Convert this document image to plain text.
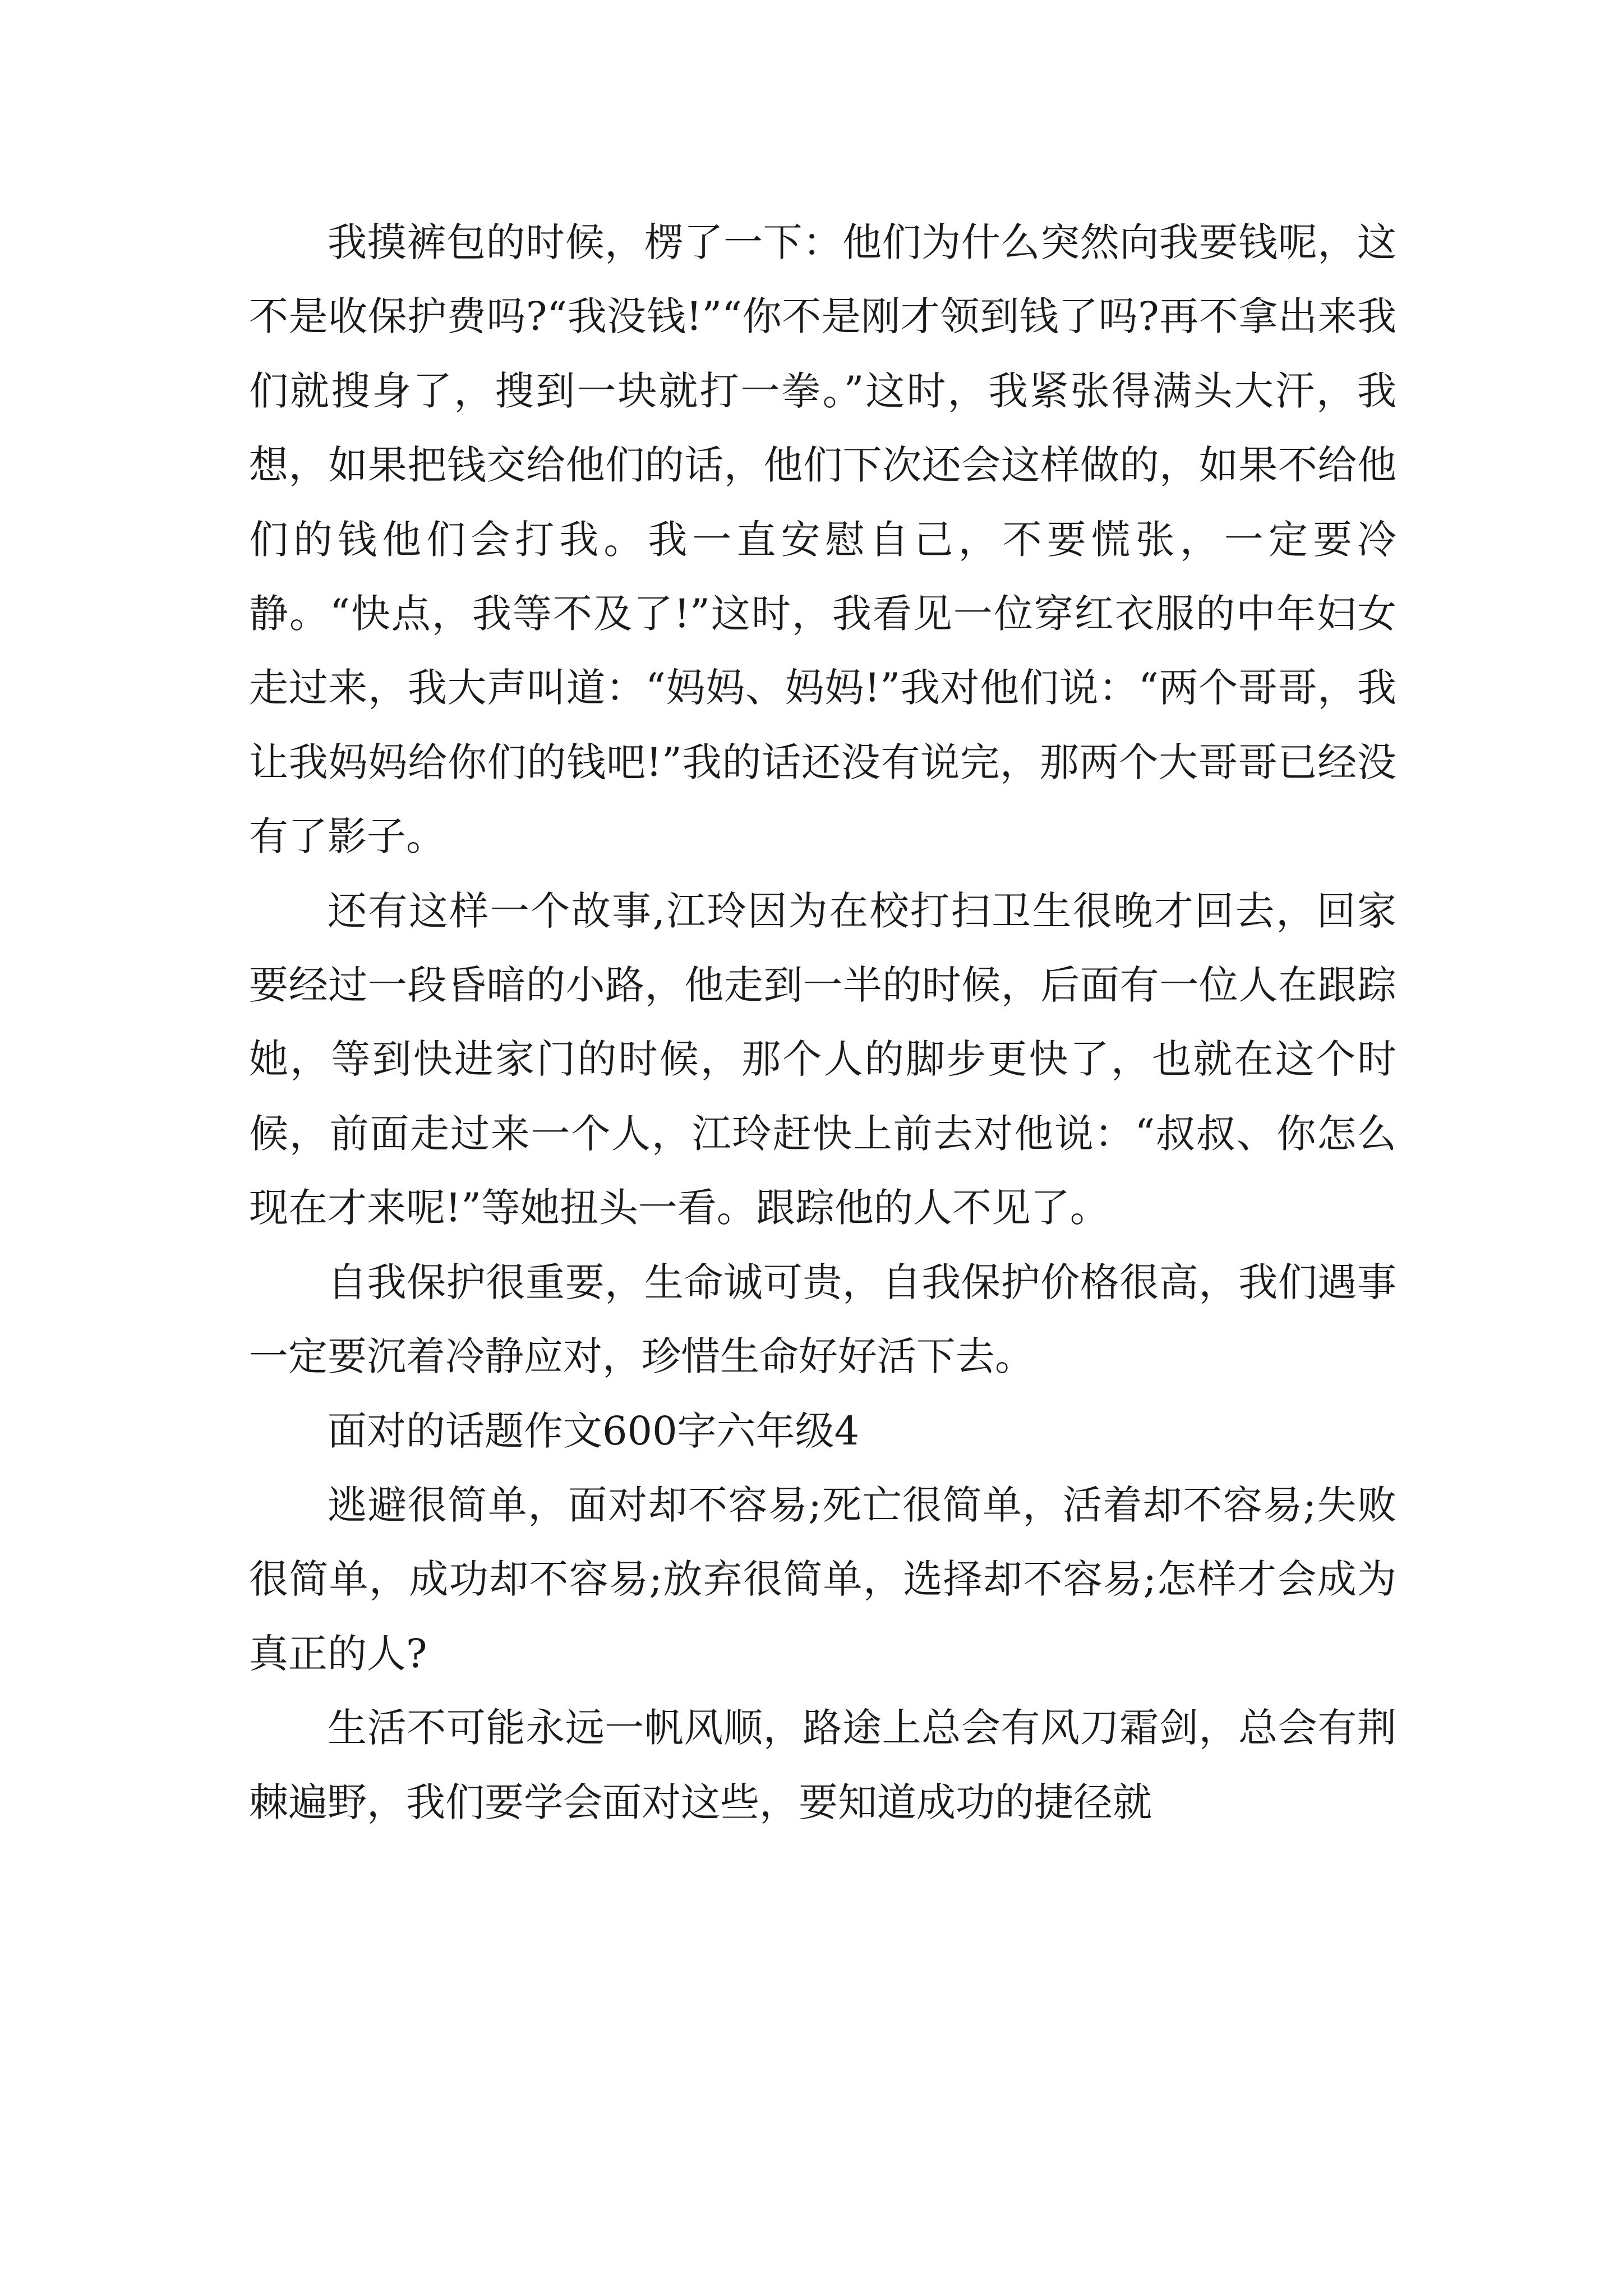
我摸裤包的时候，楞了一下：他们为什么突然向我要钱呢，这不是收保护费吗?“我没钱!”“你不是刚才领到钱了吗?再不拿出来我们就搜身了，搜到一块就打一拳。”这时，我紧张得满头大汗，我想，如果把钱交给他们的话，他们下次还会这样做的，如果不给他们的钱他们会打我。我一直安慰自己，不要慌张，一定要冷静。“快点，我等不及了!”这时，我看见一位穿红衣服的中年妇女走过来，我大声叫道：“妈妈、妈妈!”我对他们说：“两个哥哥，我让我妈妈给你们的钱吧!”我的话还没有说完，那两个大哥哥已经没有了影子。

还有这样一个故事,江玲因为在校打扫卫生很晚才回去，回家要经过一段昏暗的小路，他走到一半的时候，后面有一位人在跟踪她，等到快进家门的时候，那个人的脚步更快了，也就在这个时候，前面走过来一个人，江玲赶快上前去对他说：“叔叔、你怎么现在才来呢!”等她扭头一看。跟踪他的人不见了。

自我保护很重要，生命诚可贵，自我保护价格很高，我们遇事一定要沉着冷静应对，珍惜生命好好活下去。

面对的话题作文600字六年级4

逃避很简单，面对却不容易;死亡很简单，活着却不容易;失败很简单，成功却不容易;放弃很简单，选择却不容易;怎样才会成为真正的人?

生活不可能永远一帆风顺，路途上总会有风刀霜剑，总会有荆棘遍野，我们要学会面对这些，要知道成功的捷径就
